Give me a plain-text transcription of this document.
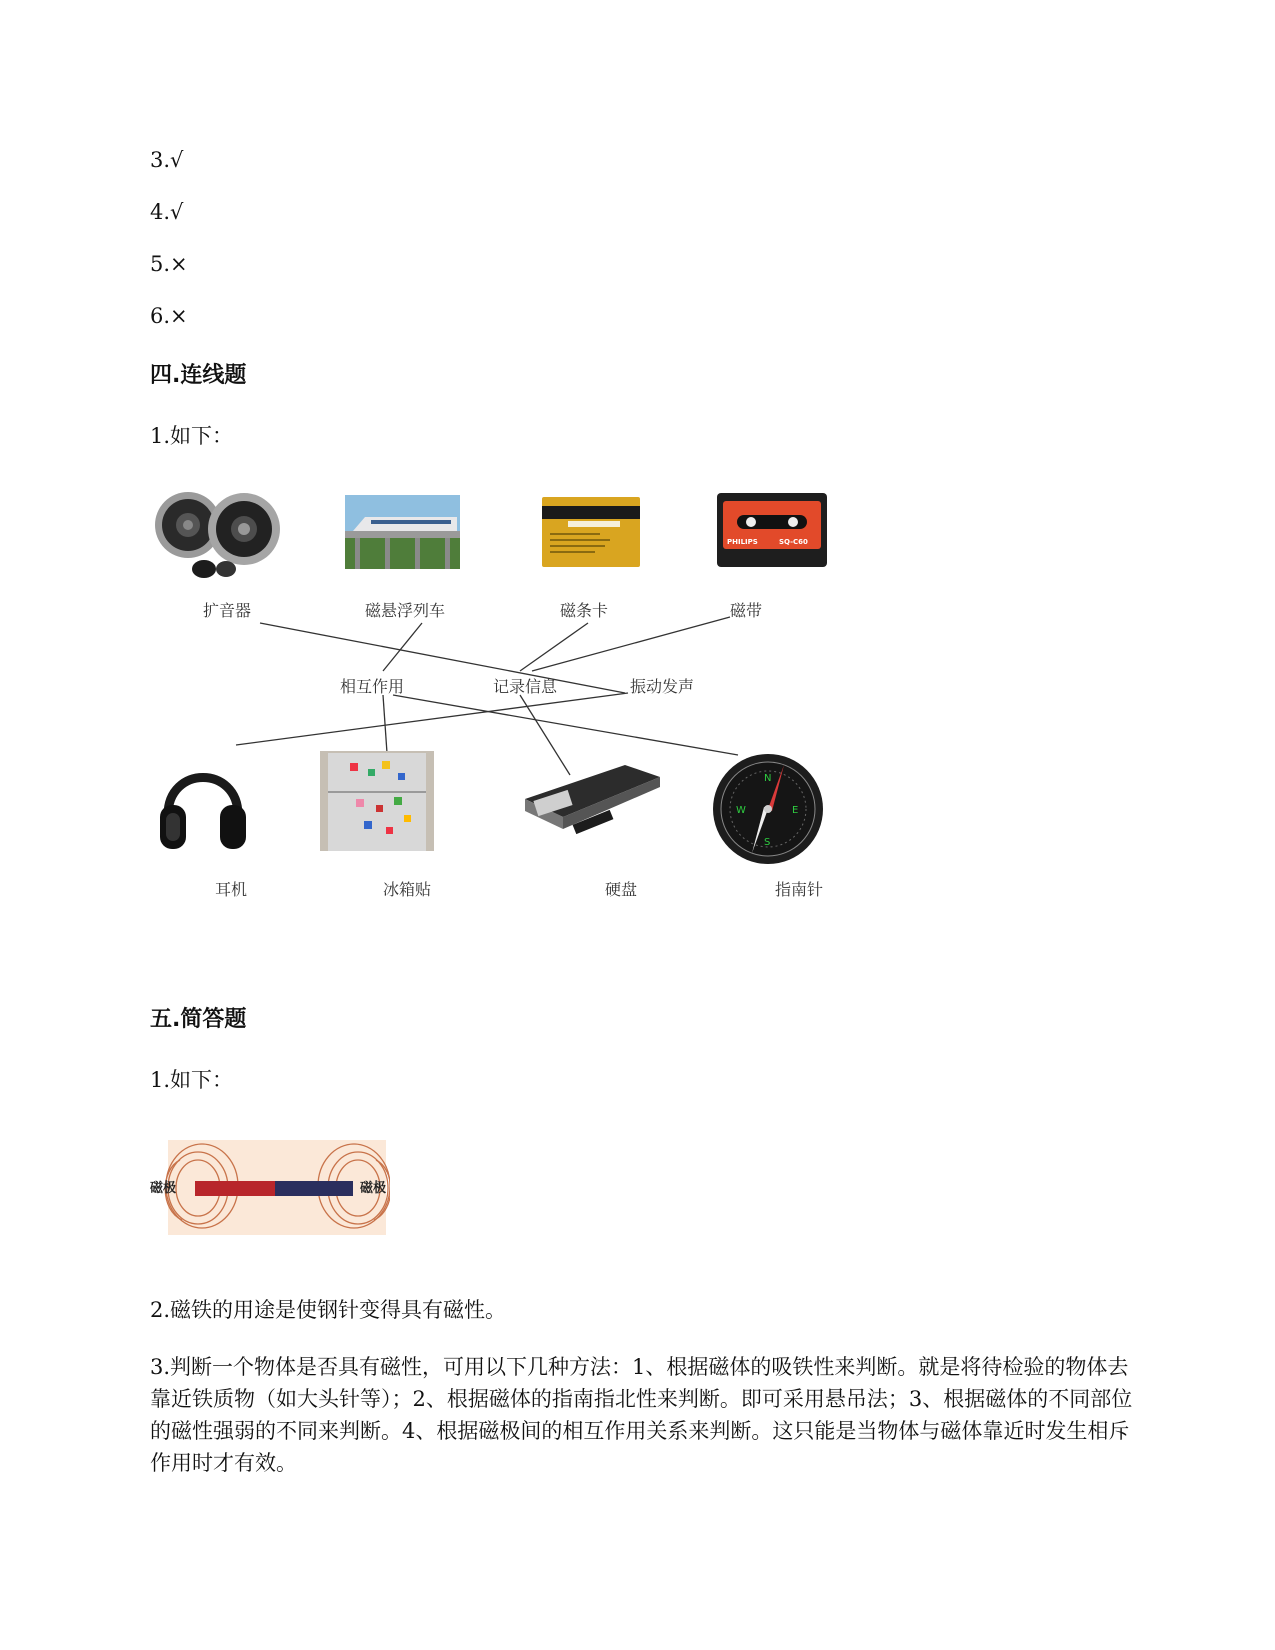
3.√
4.√
5.×
6.×
四.连线题
1.如下：
PHILIPS	SQ-C60
扩音器	磁悬浮列车	磁条卡	磁带
相互作用	记录信息	振动发声
N
E
S
W
耳机	冰箱贴	硬盘	指南针
五.简答题
1.如下：
磁极	磁极
2.磁铁的用途是使钢针变得具有磁性。
3.判断一个物体是否具有磁性，可用以下几种方法：1、根据磁体的吸铁性来判断。就是将待检验的物体去靠近铁质物（如大头针等）；2、根据磁体的指南指北性来判断。即可采用悬吊法；3、根据磁体的不同部位的磁性强弱的不同来判断。4、根据磁极间的相互作用关系来判断。这只能是当物体与磁体靠近时发生相斥作用时才有效。
